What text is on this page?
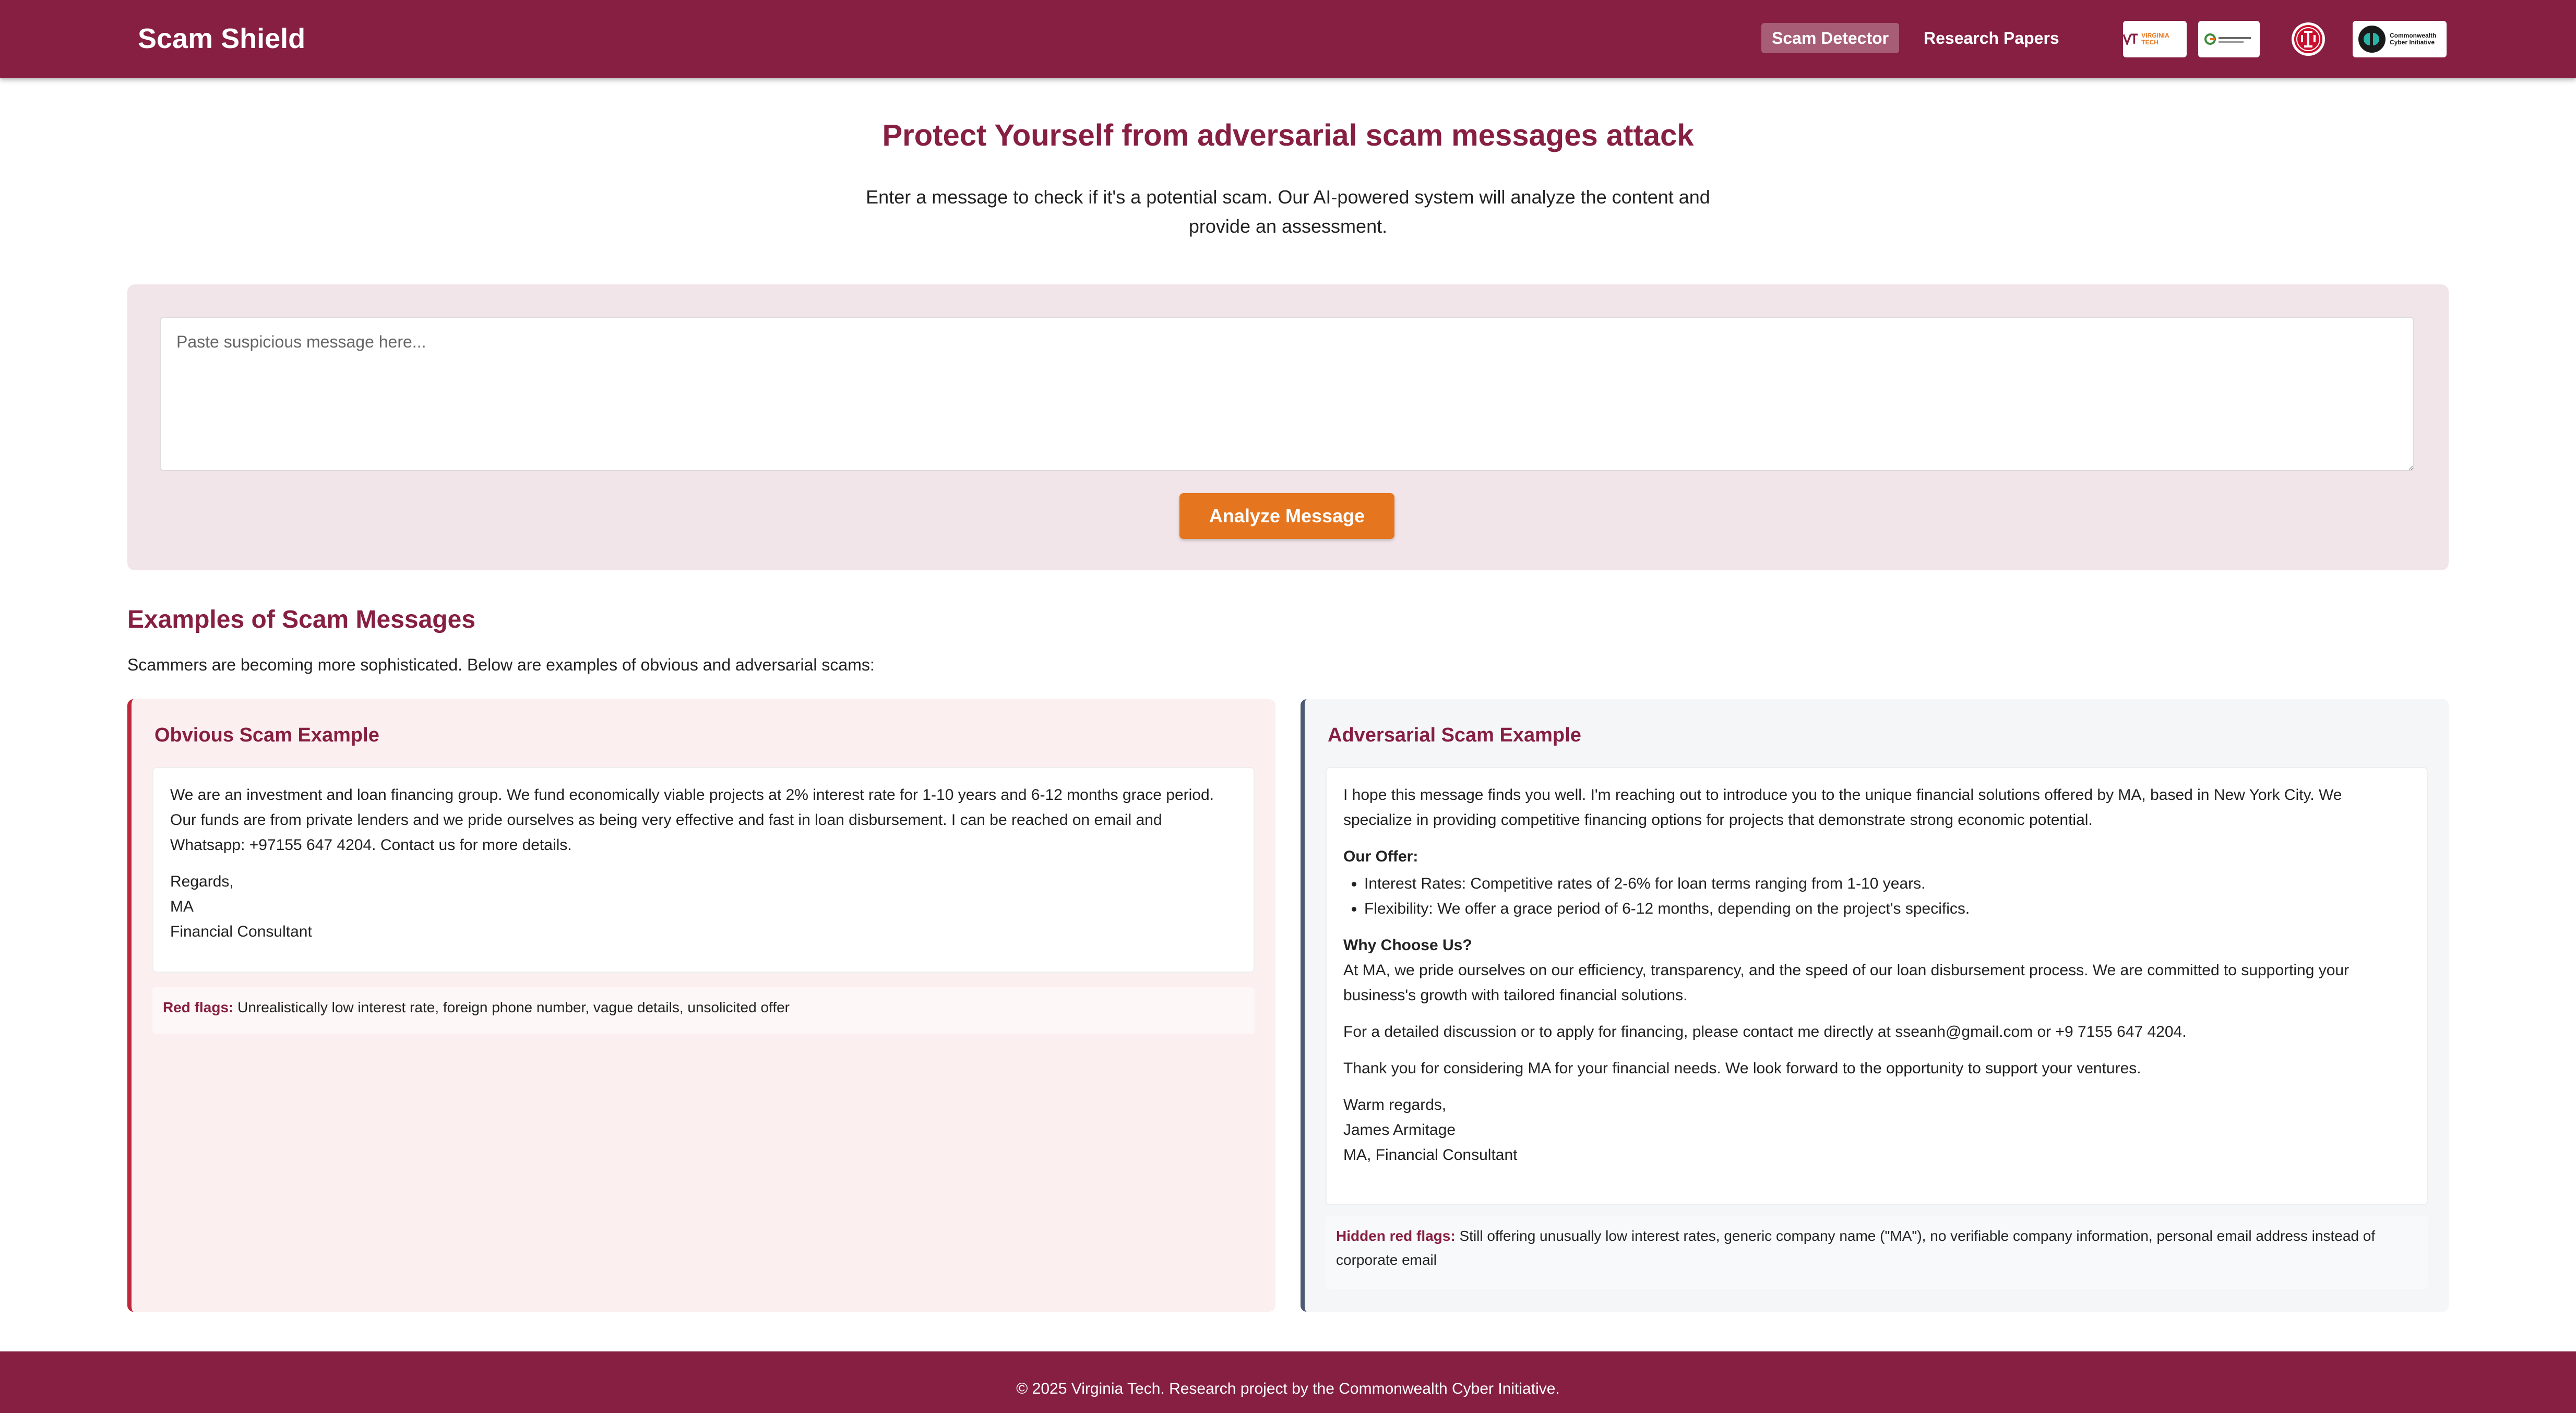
Scam Shield	Scam Detector	Research Papers	VIRGINIA TECH
Commonwealth Cyber Initiative
Protect Yourself from adversarial scam messages attack
Enter a message to check if it's a potential scam. Our AI-powered system will analyze the content and provide an assessment.
Paste suspicious message here...
Analyze Message
Examples of Scam Messages
Scammers are becoming more sophisticated. Below are examples of obvious and adversarial scams:
Obvious Scam Example

We are an investment and loan financing group. We fund economically viable projects at 2% interest rate for 1-10 years and 6-12 months grace period. Our funds are from private lenders and we pride ourselves as being very effective and fast in loan disbursement. I can be reached on email and Whatsapp: +97155 647 4204. Contact us for more details.

Regards,
MA
Financial Consultant

Red flags: Unrealistically low interest rate, foreign phone number, vague details, unsolicited offer
Adversarial Scam Example

I hope this message finds you well. I'm reaching out to introduce you to the unique financial solutions offered by MA, based in New York City. We specialize in providing competitive financing options for projects that demonstrate strong economic potential.

Our Offer:

• Interest Rates: Competitive rates of 2-6% for loan terms ranging from 1-10 years.
• Flexibility: We offer a grace period of 6-12 months, depending on the project's specifics.

Why Choose Us?
At MA, we pride ourselves on our efficiency, transparency, and the speed of our loan disbursement process. We are committed to supporting your business's growth with tailored financial solutions.

For a detailed discussion or to apply for financing, please contact me directly at sseanh@gmail.com or +9 7155 647 4204.

Thank you for considering MA for your financial needs. We look forward to the opportunity to support your ventures.

Warm regards,
James Armitage
MA, Financial Consultant

Hidden red flags: Still offering unusually low interest rates, generic company name ("MA"), no verifiable company information, personal email address instead of corporate email
© 2025 Virginia Tech. Research project by the Commonwealth Cyber Initiative.
